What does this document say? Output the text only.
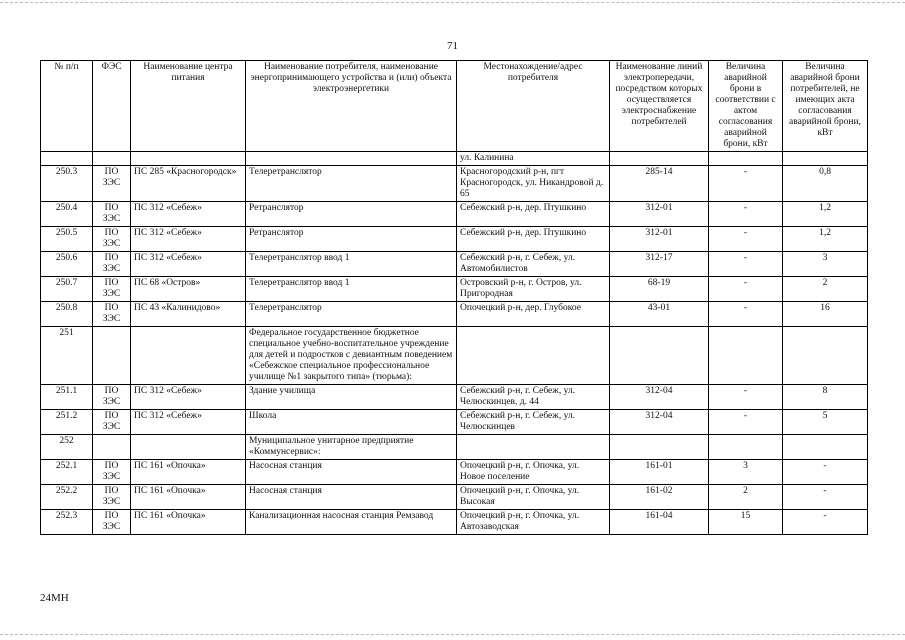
71
№ п/п	ФЭС	Наименование центра питания	Наименование потребителя, наименование энергопринимающего устройства и (или) объекта электроэнергетики	Местонахождение/адрес потребителя	Наименование линий электропередачи, посредством которых осуществляется электроснабжение потребителей	Величина аварийной брони в соответствии с актом согласования аварийной брони, кВт	Величина аварийной брони потребителей, не имеющих акта согласования аварийной брони, кВт
				ул. Калинина			
250.3	ПО ЗЭС	ПС 285 «Красногородск»	Телеретранслятор	Красногородский р-н, пгт Красногородск, ул. Никандровой д. 65	285-14	-	0,8
250.4	ПО ЗЭС	ПС 312 «Себеж»	Ретранслятор	Себежский р-н, дер. Птушкино	312-01	-	1,2
250.5	ПО ЗЭС	ПС 312 «Себеж»	Ретранслятор	Себежский р-н, дер. Птушкино	312-01	-	1,2
250.6	ПО ЗЭС	ПС 312 «Себеж»	Телеретранслятор ввод 1	Себежский р-н, г. Себеж, ул. Автомобилистов	312-17	-	3
250.7	ПО ЗЭС	ПС 68 «Остров»	Телеретранслятор ввод 1	Островский р-н, г. Остров, ул. Пригородная	68-19	-	2
250.8	ПО ЗЭС	ПС 43 «Калинидово»	Телеретранслятор	Опочецкий р-н, дер. Глубокое	43-01	-	16
251			Федеральное государственное бюджетное специальное учебно-воспитательное учреждение для детей и подростков с девиантным поведением «Себежское специальное профессиональное училище №1 закрытого типа» (тюрьма):				
251.1	ПО ЗЭС	ПС 312 «Себеж»	Здание училища	Себежский р-н, г. Себеж, ул. Челюскинцев, д. 44	312-04	-	8
251.2	ПО ЗЭС	ПС 312 «Себеж»	Школа	Себежский р-н, г. Себеж, ул. Челюскинцев	312-04	-	5
252			Муниципальное унитарное предприятие «Коммунсервис»:				
252.1	ПО ЗЭС	ПС 161 «Опочка»	Насосная станция	Опочецкий р-н, г. Опочка, ул. Новое поселение	161-01	3	-
252.2	ПО ЗЭС	ПС 161 «Опочка»	Насосная станция	Опочецкий р-н, г. Опочка, ул. Высокая	161-02	2	-
252.3	ПО ЗЭС	ПС 161 «Опочка»	Канализационная насосная станция Ремзавод	Опочецкий р-н, г. Опочка, ул. Автозаводская	161-04	15	-
24МН
